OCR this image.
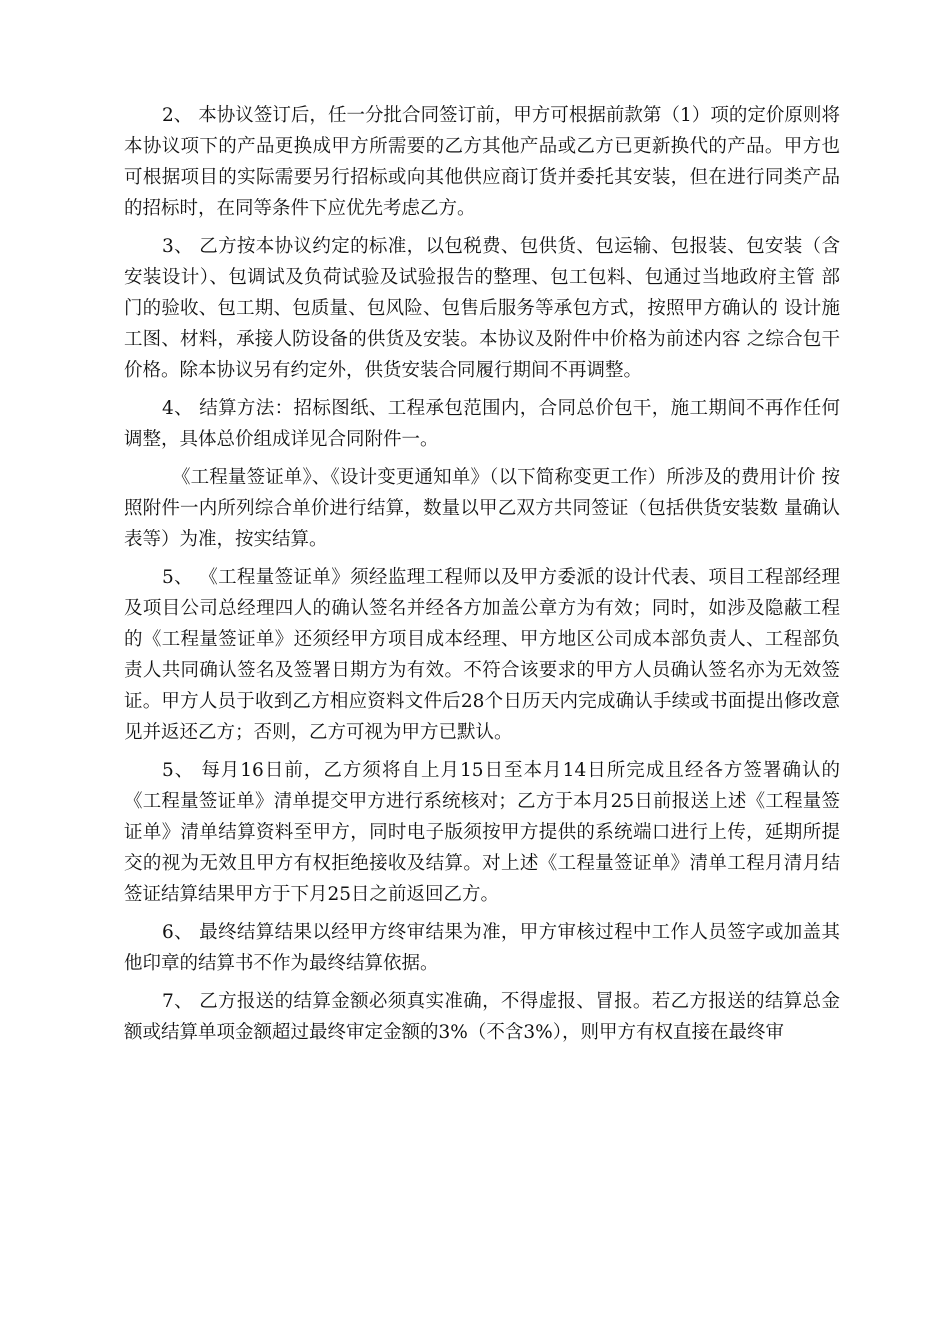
2、 本协议签订后，任一分批合同签订前，甲方可根据前款第（1）项的定价原则将本协议项下的产品更换成甲方所需要的乙方其他产品或乙方已更新换代的产品。甲方也可根据项目的实际需要另行招标或向其他供应商订货并委托其安装，但在进行同类产品的招标时，在同等条件下应优先考虑乙方。

3、 乙方按本协议约定的标准，以包税费、包供货、包运输、包报装、包安装（含 安装设计）、包调试及负荷试验及试验报告的整理、包工包料、包通过当地政府主管 部门的验收、包工期、包质量、包风险、包售后服务等承包方式，按照甲方确认的 设计施工图、材料，承接人防设备的供货及安装。本协议及附件中价格为前述内容 之综合包干价格。除本协议另有约定外，供货安装合同履行期间不再调整。

4、 结算方法：招标图纸、工程承包范围内，合同总价包干，施工期间不再作任何调整，具体总价组成详见合同附件一。

《工程量签证单》、《设计变更通知单》（以下简称变更工作）所涉及的费用计价 按照附件一内所列综合单价进行结算，数量以甲乙双方共同签证（包括供货安装数 量确认表等）为准，按实结算。

5、 《工程量签证单》须经监理工程师以及甲方委派的设计代表、项目工程部经理及项目公司总经理四人的确认签名并经各方加盖公章方为有效；同时，如涉及隐蔽工程的《工程量签证单》还须经甲方项目成本经理、甲方地区公司成本部负责人、工程部负责人共同确认签名及签署日期方为有效。不符合该要求的甲方人员确认签名亦为无效签证。甲方人员于收到乙方相应资料文件后28个日历天内完成确认手续或书面提出修改意见并返还乙方；否则，乙方可视为甲方已默认。

5、 每月16日前，乙方须将自上月15日至本月14日所完成且经各方签署确认的《工程量签证单》清单提交甲方进行系统核对；乙方于本月25日前报送上述《工程量签证单》清单结算资料至甲方，同时电子版须按甲方提供的系统端口进行上传，延期所提交的视为无效且甲方有权拒绝接收及结算。对上述《工程量签证单》清单工程月清月结签证结算结果甲方于下月25日之前返回乙方。

6、 最终结算结果以经甲方终审结果为准，甲方审核过程中工作人员签字或加盖其他印章的结算书不作为最终结算依据。

7、 乙方报送的结算金额必须真实准确，不得虚报、冒报。若乙方报送的结算总金额或结算单项金额超过最终审定金额的3%（不含3%），则甲方有权直接在最终审
